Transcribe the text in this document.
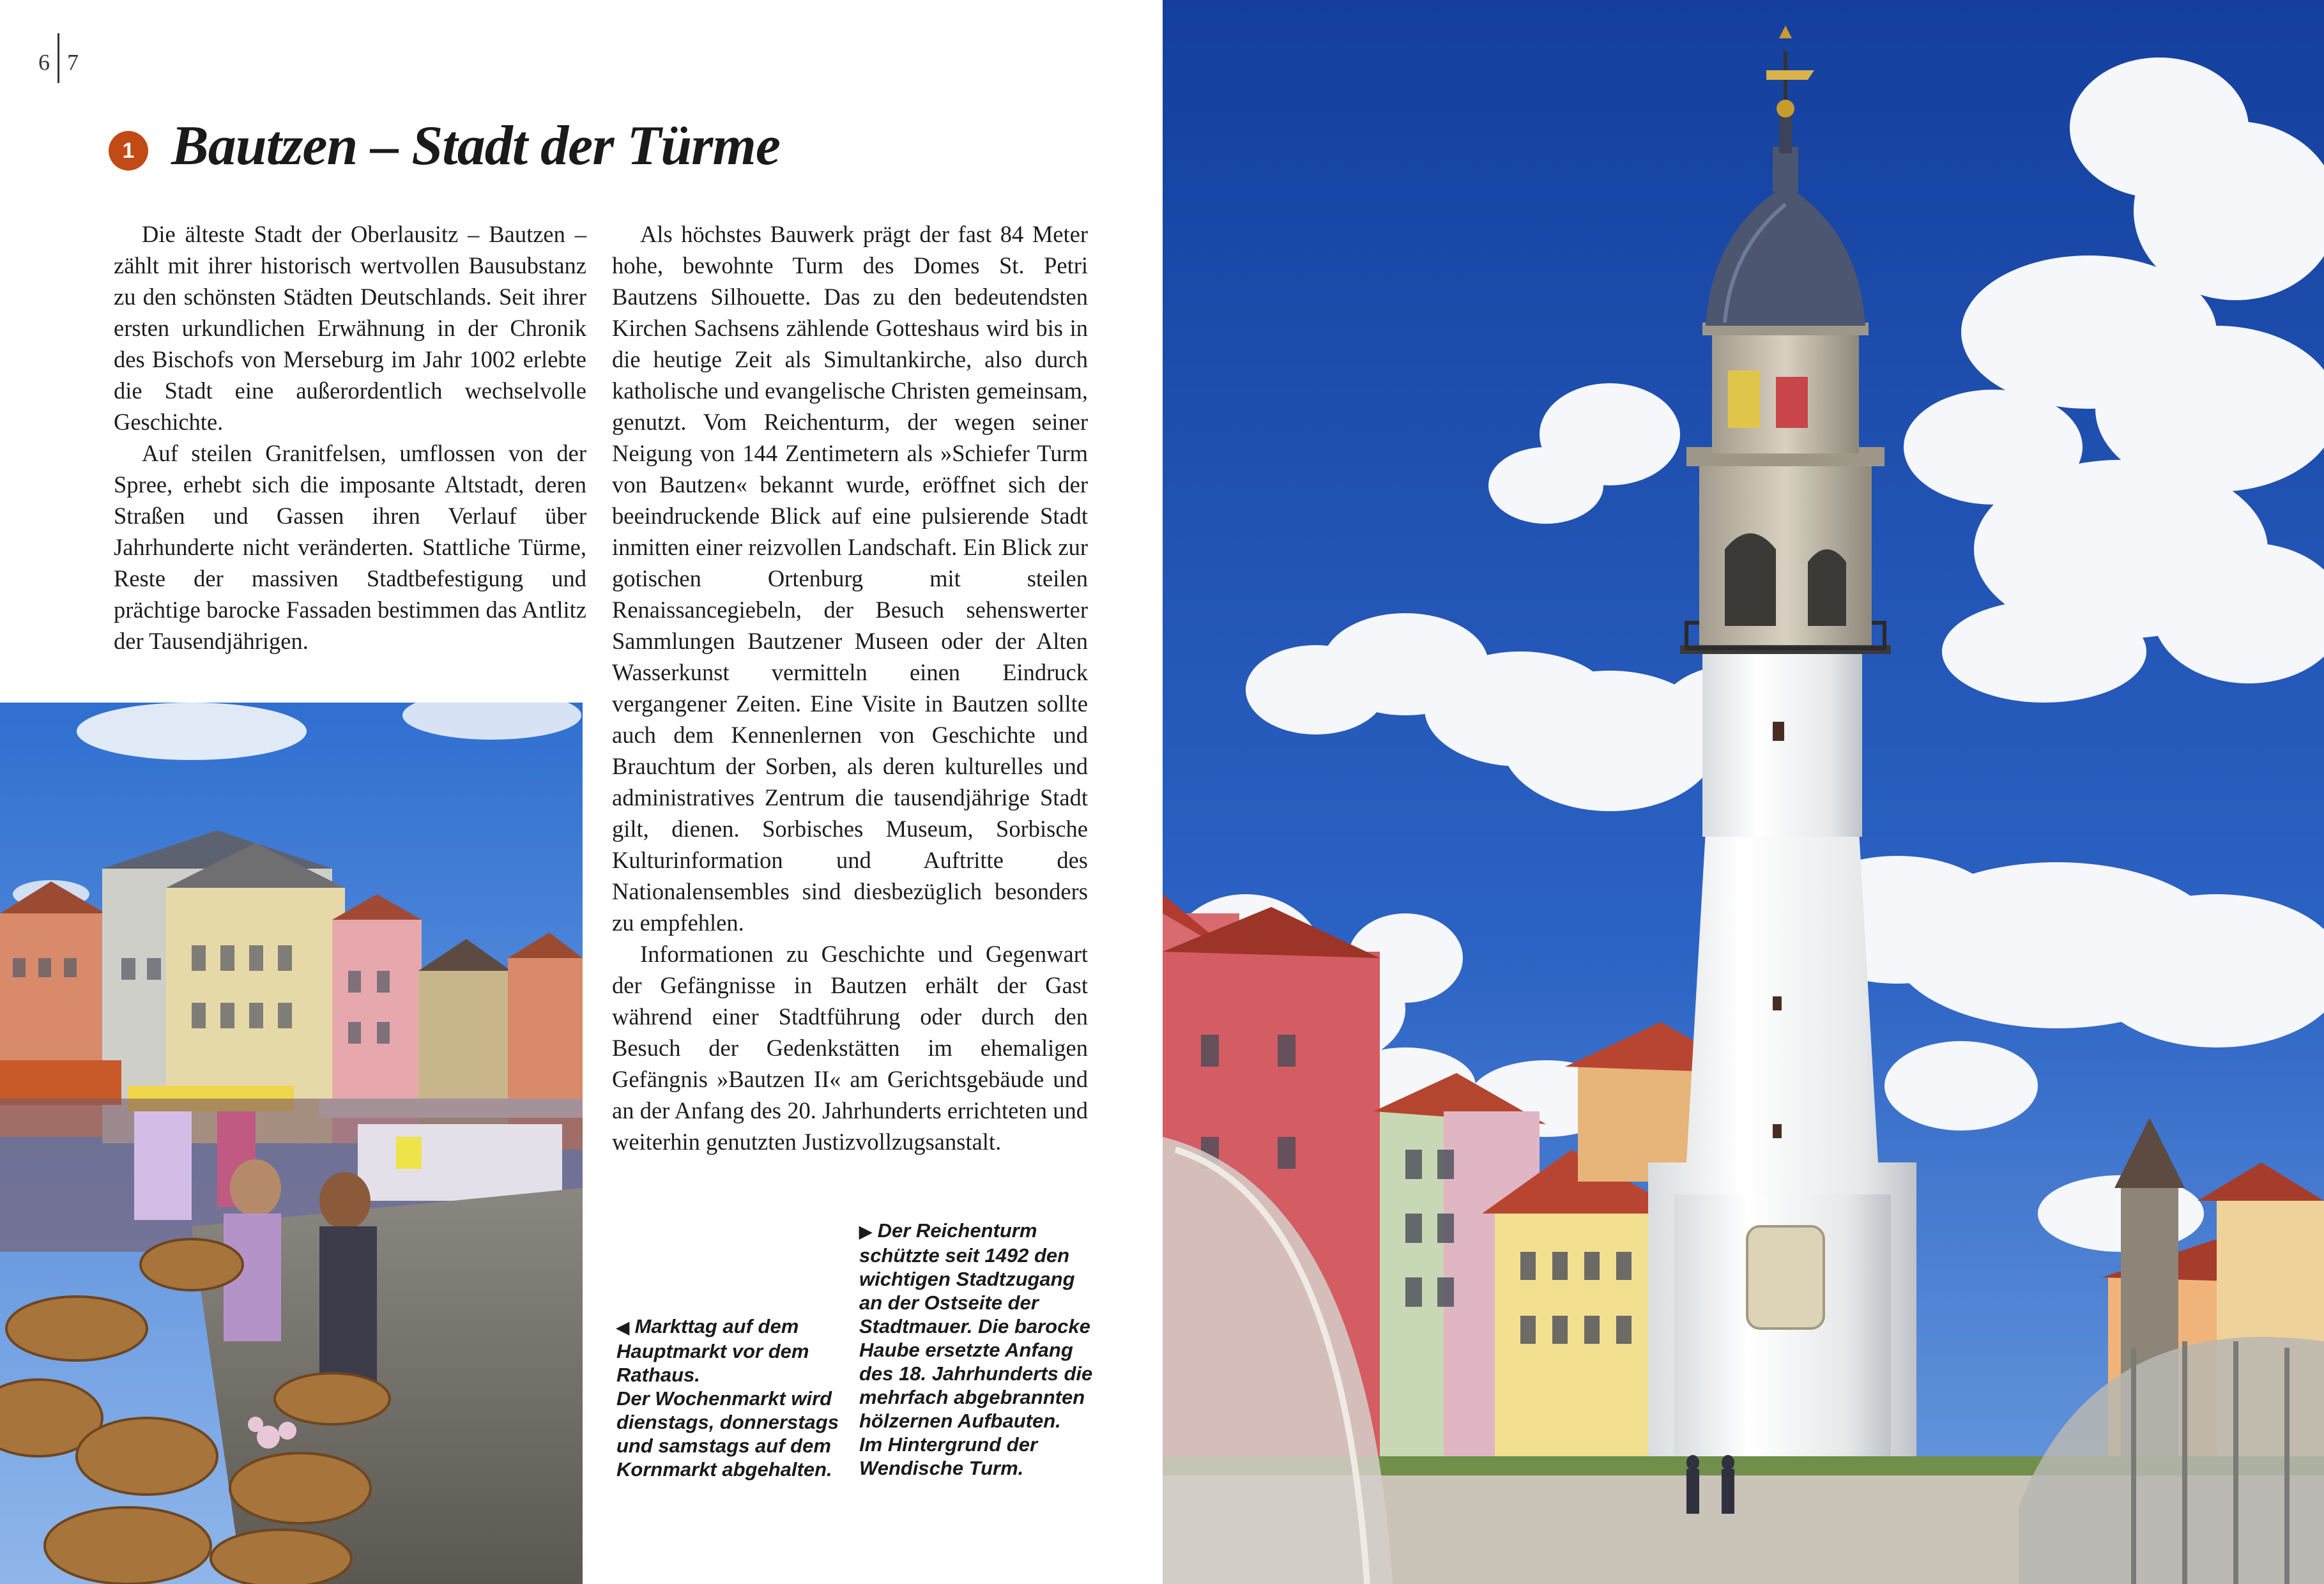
6 7
1 Bautzen – Stadt der Türme

Die älteste Stadt der Oberlausitz – Bautzen – zählt mit ihrer historisch wertvollen Bausubstanz zu den schönsten Städten Deutschlands. Seit ihrer ersten urkundlichen Erwähnung in der Chronik des Bischofs von Merseburg im Jahr 1002 erlebte die Stadt eine außerordentlich wechselvolle Geschichte.

Auf steilen Granitfelsen, umflossen von der Spree, erhebt sich die imposante Altstadt, deren Straßen und Gassen ihren Verlauf über Jahrhunderte nicht veränderten. Stattliche Türme, Reste der massiven Stadtbefestigung und prächtige barocke Fassaden bestimmen das Antlitz der Tausendjährigen.

Als höchstes Bauwerk prägt der fast 84 Meter hohe, bewohnte Turm des Domes St. Petri Bautzens Silhouette. Das zu den bedeutendsten Kirchen Sachsens zählende Gotteshaus wird bis in die heutige Zeit als Simultankirche, also durch katholische und evangelische Christen gemeinsam, genutzt. Vom Reichenturm, der wegen seiner Neigung von 144 Zentimetern als »Schiefer Turm von Bautzen« bekannt wurde, eröffnet sich der beeindruckende Blick auf eine pulsierende Stadt inmitten einer reizvollen Landschaft. Ein Blick zur gotischen Ortenburg mit steilen Renaissancegiebeln, der Besuch sehenswerter Sammlungen Bautzener Museen oder der Alten Wasserkunst vermitteln einen Eindruck vergangener Zeiten. Eine Visite in Bautzen sollte auch dem Kennenlernen von Geschichte und Brauchtum der Sorben, als deren kulturelles und administratives Zentrum die tausendjährige Stadt gilt, dienen. Sorbisches Museum, Sorbische Kulturinformation und Auftritte des Nationalensembles sind diesbezüglich besonders zu empfehlen.

Informationen zu Geschichte und Gegenwart der Gefängnisse in Bautzen erhält der Gast während einer Stadtführung oder durch den Besuch der Gedenkstätten im ehemaligen Gefängnis »Bautzen II« am Gerichtsgebäude und an der Anfang des 20. Jahrhunderts errichteten und weiterhin genutzten Justizvollzugsanstalt.

◀ Markttag auf dem
Hauptmarkt vor dem
Rathaus.
Der Wochenmarkt wird
dienstags, donnerstags
und samstags auf dem
Kornmarkt abgehalten.
▶ Der Reichenturm
schützte seit 1492 den
wichtigen Stadtzugang
an der Ostseite der
Stadtmauer. Die barocke
Haube ersetzte Anfang
des 18. Jahrhunderts die
mehrfach abgebrannten
hölzernen Aufbauten.
Im Hintergrund der
Wendische Turm.
